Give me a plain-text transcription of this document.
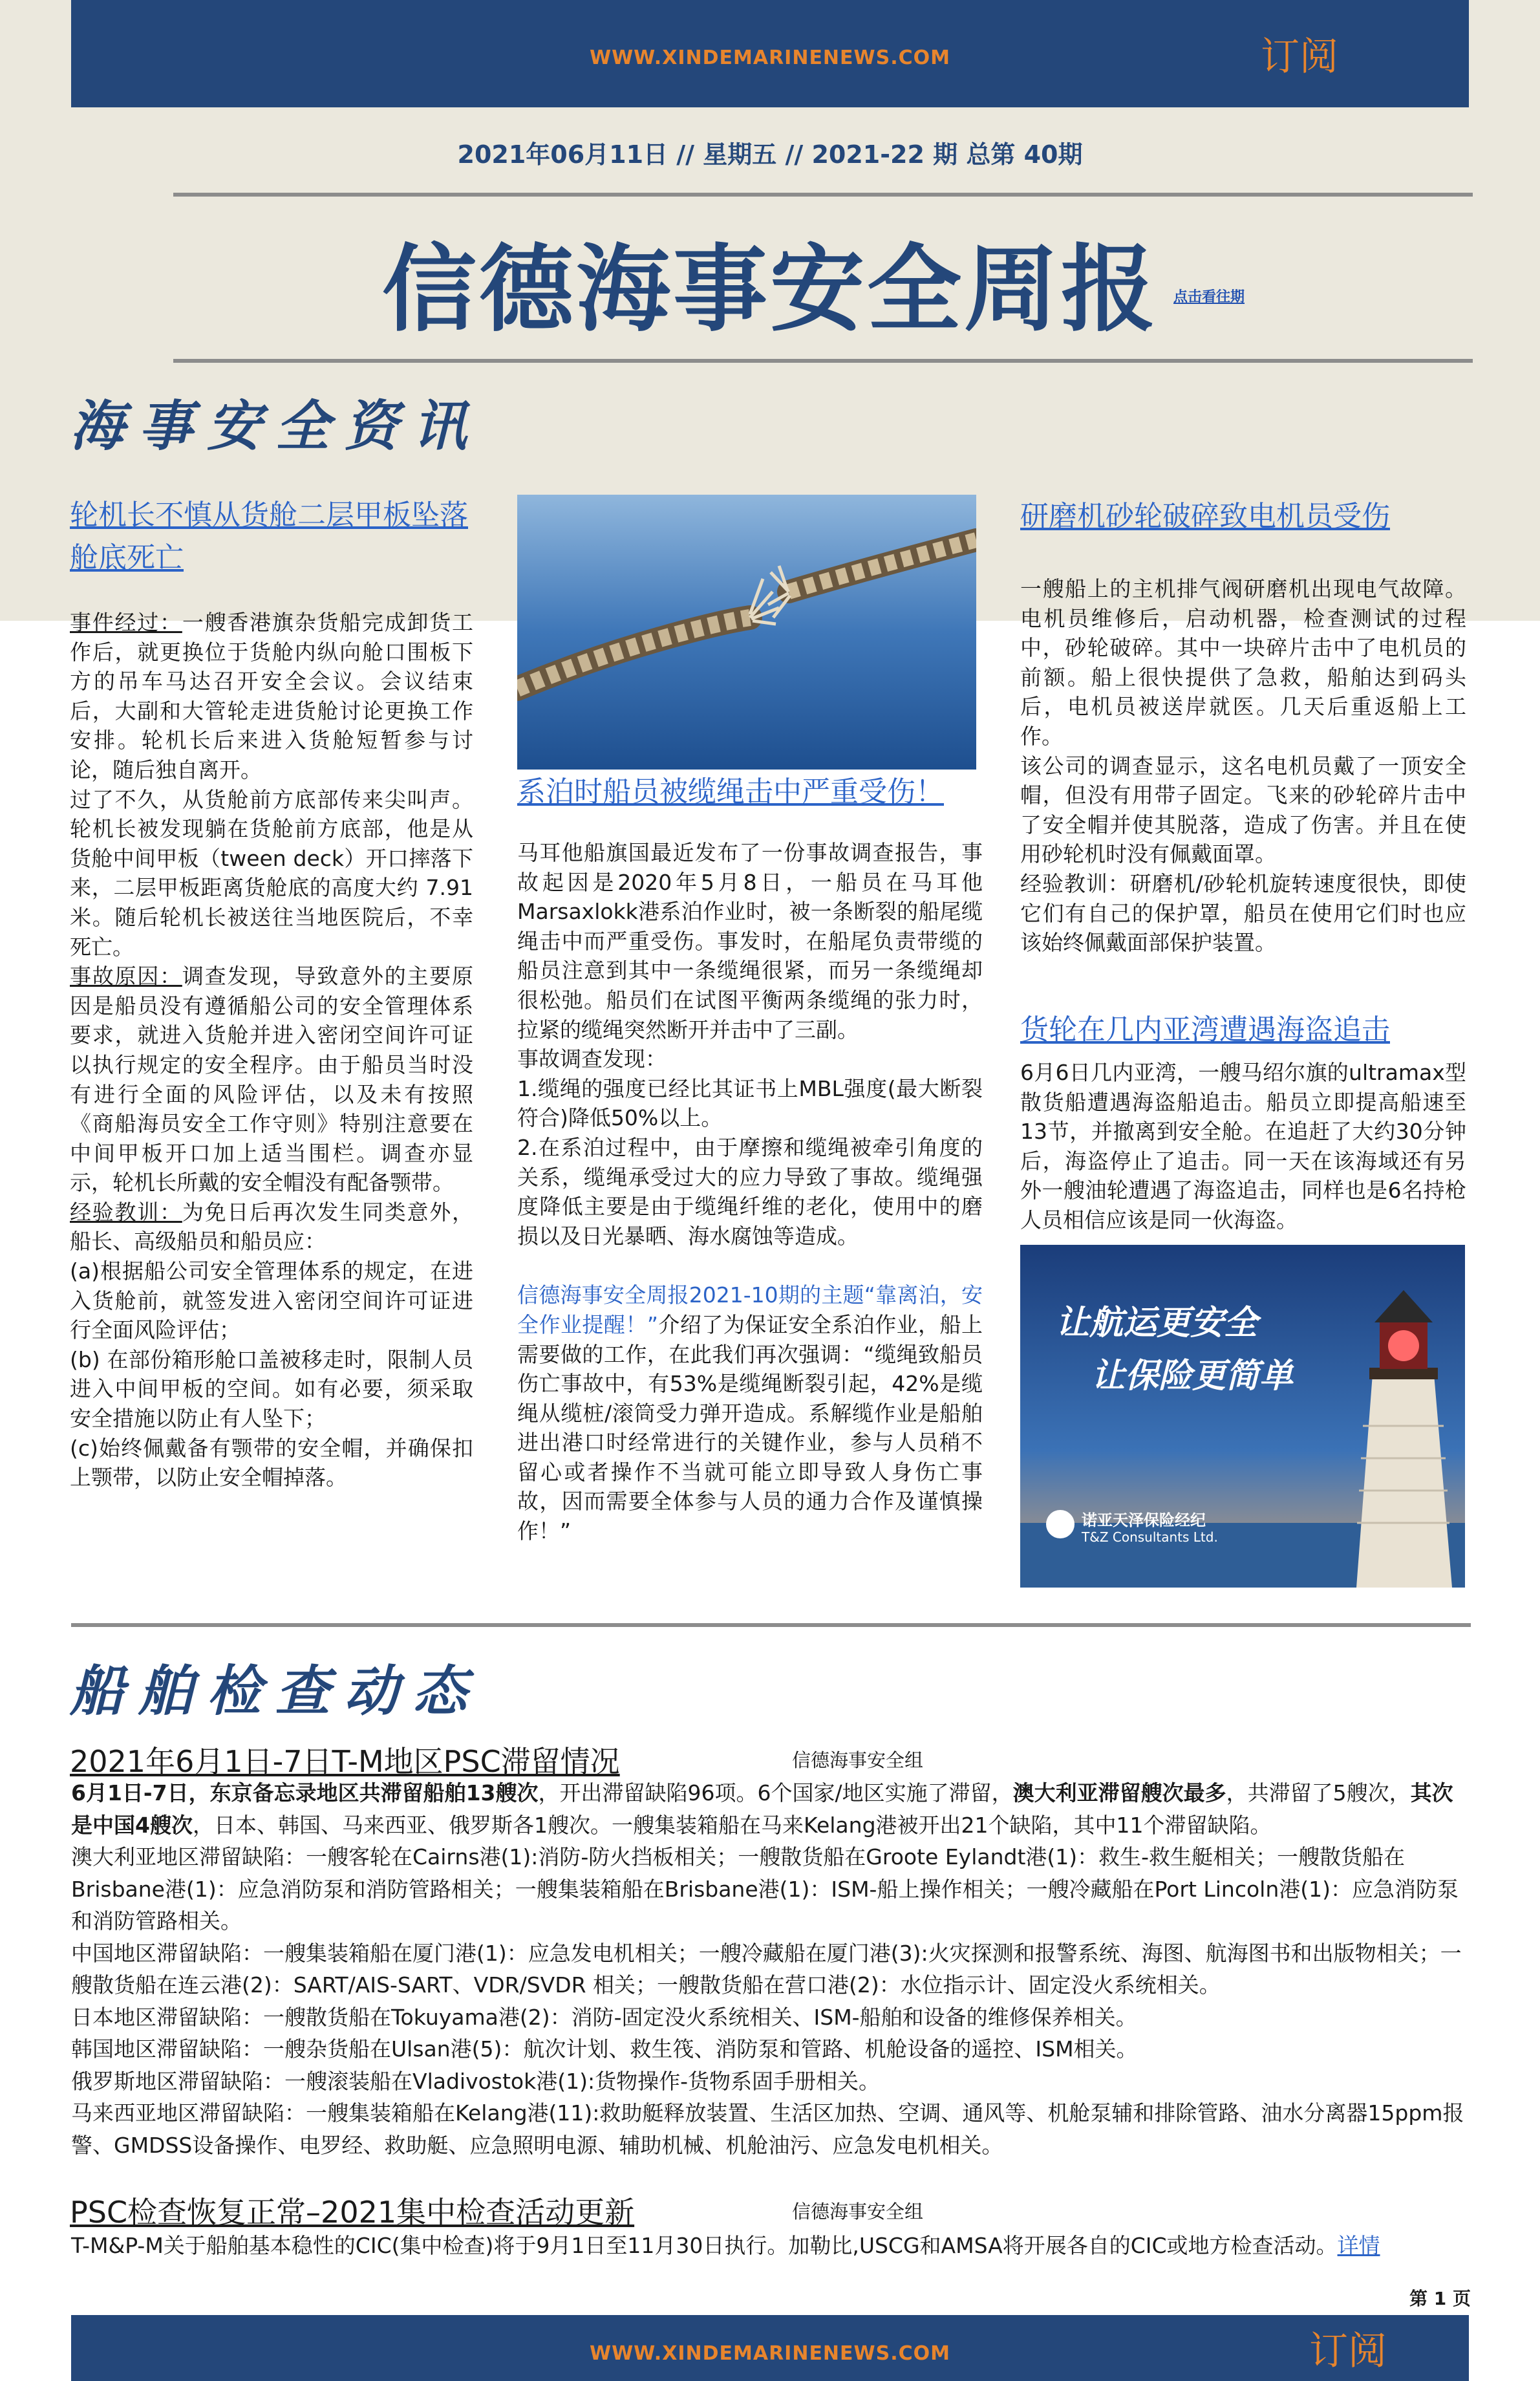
WWW.XINDEMARINENEWS.COM	订阅
2021年06月11日 // 星期五 // 2021-22 期 总第 40期
信德海事安全周报	点击看往期
海事安全资讯
轮机长不慎从货舱二层甲板坠落舱底死亡

事件经过：一艘香港旗杂货船完成卸货工作后，就更换位于货舱内纵向舱口围板下方的吊车马达召开安全会议。会议结束后，大副和大管轮走进货舱讨论更换工作安排。轮机长后来进入货舱短暂参与讨论，随后独自离开。

过了不久，从货舱前方底部传来尖叫声。轮机长被发现躺在货舱前方底部，他是从货舱中间甲板（tween deck）开口摔落下来，二层甲板距离货舱底的高度大约 7.91 米。随后轮机长被送往当地医院后，不幸死亡。

事故原因：调查发现，导致意外的主要原因是船员没有遵循船公司的安全管理体系要求，就进入货舱并进入密闭空间许可证以执行规定的安全程序。由于船员当时没有进行全面的风险评估，以及未有按照《商船海员安全工作守则》特别注意要在中间甲板开口加上适当围栏。调查亦显示，轮机长所戴的安全帽没有配备颚带。

经验教训：为免日后再次发生同类意外，船长、高级船员和船员应：

(a)根据船公司安全管理体系的规定，在进入货舱前，就签发进入密闭空间许可证进行全面风险评估；

(b) 在部份箱形舱口盖被移走时，限制人员进入中间甲板的空间。如有必要，须采取安全措施以防止有人坠下；

(c)始终佩戴备有颚带的安全帽，并确保扣上颚带，以防止安全帽掉落。

系泊时船员被缆绳击中严重受伤！

马耳他船旗国最近发布了一份事故调查报告，事故起因是2020年5月8日，一船员在马耳他Marsaxlokk港系泊作业时，被一条断裂的船尾缆绳击中而严重受伤。事发时，在船尾负责带缆的船员注意到其中一条缆绳很紧，而另一条缆绳却很松弛。船员们在试图平衡两条缆绳的张力时，拉紧的缆绳突然断开并击中了三副。

事故调查发现：

1.缆绳的强度已经比其证书上MBL强度(最大断裂符合)降低50%以上。

2.在系泊过程中，由于摩擦和缆绳被牵引角度的关系，缆绳承受过大的应力导致了事故。缆绳强度降低主要是由于缆绳纤维的老化，使用中的磨损以及日光暴晒、海水腐蚀等造成。

信德海事安全周报2021-10期的主题“靠离泊，安全作业提醒！”介绍了为保证安全系泊作业，船上需要做的工作，在此我们再次强调：“缆绳致船员伤亡事故中，有53%是缆绳断裂引起，42%是缆绳从缆桩/滚筒受力弹开造成。系解缆作业是船舶进出港口时经常进行的关键作业，参与人员稍不留心或者操作不当就可能立即导致人身伤亡事故，因而需要全体参与人员的通力合作及谨慎操作！”

研磨机砂轮破碎致电机员受伤

一艘船上的主机排气阀研磨机出现电气故障。电机员维修后，启动机器，检查测试的过程中，砂轮破碎。其中一块碎片击中了电机员的前额。船上很快提供了急救，船舶达到码头后，电机员被送岸就医。几天后重返船上工作。

该公司的调查显示，这名电机员戴了一顶安全帽，但没有用带子固定。飞来的砂轮碎片击中了安全帽并使其脱落，造成了伤害。并且在使用砂轮机时没有佩戴面罩。

经验教训：研磨机/砂轮机旋转速度很快，即使它们有自己的保护罩，船员在使用它们时也应该始终佩戴面部保护装置。

货轮在几内亚湾遭遇海盗追击

6月6日几内亚湾，一艘马绍尔旗的ultramax型散货船遭遇海盗船追击。船员立即提高船速至13节，并撤离到安全舱。在追赶了大约30分钟后，海盗停止了追击。同一天在该海域还有另外一艘油轮遭遇了海盗追击，同样也是6名持枪人员相信应该是同一伙海盗。

让航运更安全
让保险更简单
诺亚天泽保险经纪
T&Z Consultants Ltd.
船舶检查动态
2021年6月1日-7日T-M地区PSC滞留情况	信德海事安全组

6月1日-7日，东京备忘录地区共滞留船舶13艘次，开出滞留缺陷96项。6个国家/地区实施了滞留，澳大利亚滞留艘次最多，共滞留了5艘次，其次是中国4艘次，日本、韩国、马来西亚、俄罗斯各1艘次。一艘集装箱船在马来Kelang港被开出21个缺陷，其中11个滞留缺陷。

澳大利亚地区滞留缺陷：一艘客轮在Cairns港(1):消防-防火挡板相关；一艘散货船在Groote Eylandt港(1)：救生-救生艇相关；一艘散货船在Brisbane港(1)：应急消防泵和消防管路相关；一艘集装箱船在Brisbane港(1)：ISM-船上操作相关；一艘冷藏船在Port Lincoln港(1)：应急消防泵和消防管路相关。

中国地区滞留缺陷：一艘集装箱船在厦门港(1)：应急发电机相关；一艘冷藏船在厦门港(3):火灾探测和报警系统、海图、航海图书和出版物相关；一艘散货船在连云港(2)：SART/AIS-SART、VDR/SVDR 相关；一艘散货船在营口港(2)：水位指示计、固定没火系统相关。

日本地区滞留缺陷：一艘散货船在Tokuyama港(2)：消防-固定没火系统相关、ISM-船舶和设备的维修保养相关。

韩国地区滞留缺陷：一艘杂货船在Ulsan港(5)：航次计划、救生筏、消防泵和管路、机舱设备的遥控、ISM相关。

俄罗斯地区滞留缺陷：一艘滚装船在Vladivostok港(1):货物操作-货物系固手册相关。

马来西亚地区滞留缺陷：一艘集装箱船在Kelang港(11):救助艇释放装置、生活区加热、空调、通风等、机舱泵辅和排除管路、油水分离器15ppm报警、GMDSS设备操作、电罗经、救助艇、应急照明电源、辅助机械、机舱油污、应急发电机相关。

PSC检查恢复正常–2021集中检查活动更新	信德海事安全组

T-M&P-M关于船舶基本稳性的CIC(集中检查)将于9月1日至11月30日执行。加勒比,USCG和AMSA将开展各自的CIC或地方检查活动。详情

第 1 页
WWW.XINDEMARINENEWS.COM	订阅
